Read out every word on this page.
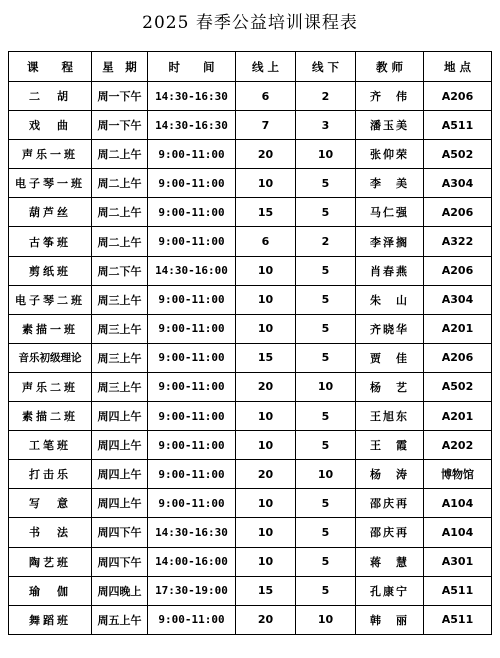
2025 春季公益培训课程表
课　　程	星　期	时　　间	线 上	线 下	教 师	地 点
二　胡	周一下午	14:30-16:30	6	2	齐　伟	A206
戏　曲	周一下午	14:30-16:30	7	3	潘玉美	A511
声乐一班	周二上午	9:00-11:00	20	10	张仰荣	A502
电子琴一班	周二上午	9:00-11:00	10	5	李　美	A304
葫芦丝	周二上午	9:00-11:00	15	5	马仁强	A206
古筝班	周二上午	9:00-11:00	6	2	李泽搁	A322
剪纸班	周二下午	14:30-16:00	10	5	肖春燕	A206
电子琴二班	周三上午	9:00-11:00	10	5	朱　山	A304
素描一班	周三上午	9:00-11:00	10	5	齐晓华	A201
音乐初级理论	周三上午	9:00-11:00	15	5	贾　佳	A206
声乐二班	周三上午	9:00-11:00	20	10	杨　艺	A502
素描二班	周四上午	9:00-11:00	10	5	王旭东	A201
工笔班	周四上午	9:00-11:00	10	5	王　霞	A202
打击乐	周四上午	9:00-11:00	20	10	杨　涛	博物馆
写　意	周四上午	9:00-11:00	10	5	邵庆再	A104
书　法	周四下午	14:30-16:30	10	5	邵庆再	A104
陶艺班	周四下午	14:00-16:00	10	5	蒋　慧	A301
瑜　伽	周四晚上	17:30-19:00	15	5	孔康宁	A511
舞蹈班	周五上午	9:00-11:00	20	10	韩　丽	A511
